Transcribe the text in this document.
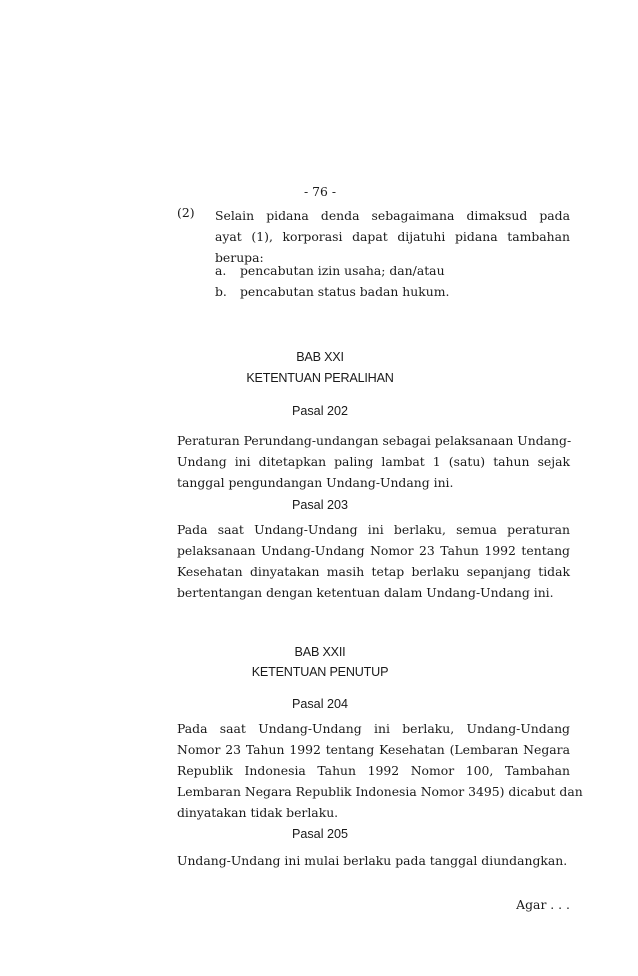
- 76 -
(2) Selain pidana denda sebagaimana dimaksud pada
ayat (1), korporasi dapat dijatuhi pidana tambahan
berupa:
a. pencabutan izin usaha; dan/atau
b. pencabutan status badan hukum.
BAB XXI
KETENTUAN PERALIHAN
Pasal 202
Peraturan Perundang-undangan sebagai pelaksanaan Undang-
Undang ini ditetapkan paling lambat 1 (satu) tahun sejak
tanggal pengundangan Undang-Undang ini.
Pasal 203
Pada saat Undang-Undang ini berlaku, semua peraturan
pelaksanaan Undang-Undang Nomor 23 Tahun 1992 tentang
Kesehatan dinyatakan masih tetap berlaku sepanjang tidak
bertentangan dengan ketentuan dalam Undang-Undang ini.
BAB XXII
KETENTUAN PENUTUP
Pasal 204
Pada saat Undang-Undang ini berlaku, Undang-Undang
Nomor 23 Tahun 1992 tentang Kesehatan (Lembaran Negara
Republik Indonesia Tahun 1992 Nomor 100, Tambahan
Lembaran Negara Republik Indonesia Nomor 3495) dicabut dan
dinyatakan tidak berlaku.
Pasal 205
Undang-Undang ini mulai berlaku pada tanggal diundangkan.
Agar . . .
